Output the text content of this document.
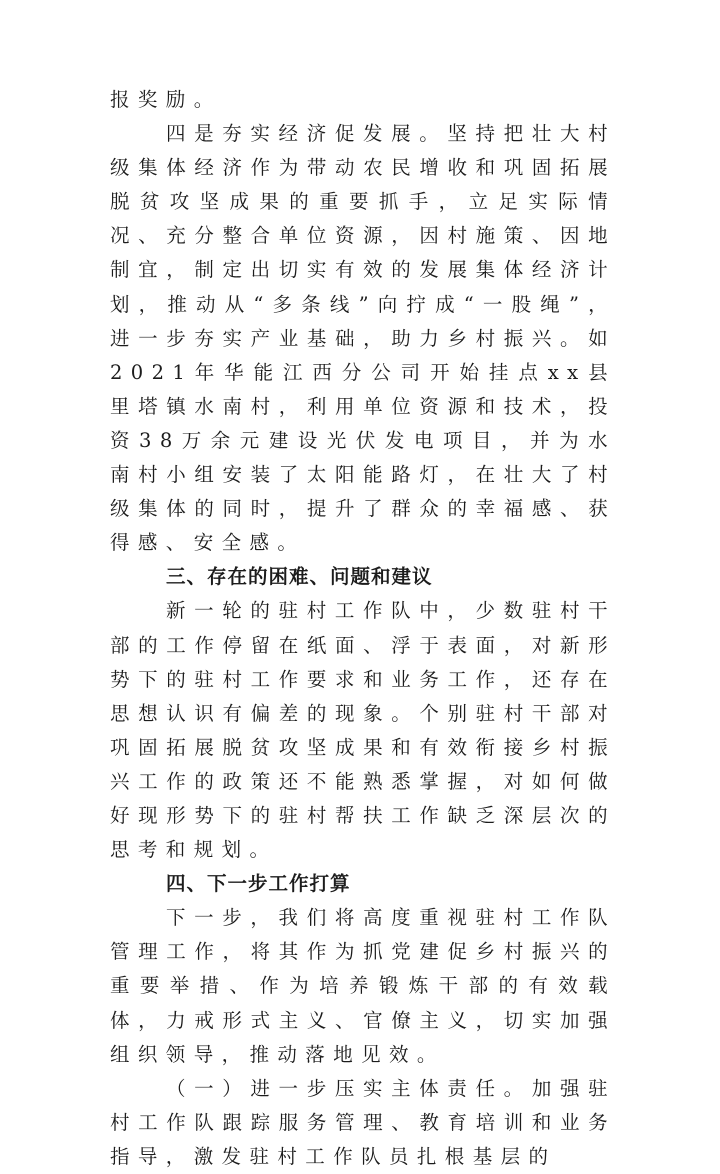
报奖励。

四是夯实经济促发展。坚持把壮大村级集体经济作为带动农民增收和巩固拓展脱贫攻坚成果的重要抓手，立足实际情况、充分整合单位资源，因村施策、因地制宜，制定出切实有效的发展集体经济计划，推动从“多条线”向拧成“一股绳”，进一步夯实产业基础，助力乡村振兴。如2021年华能江西分公司开始挂点xx县里塔镇水南村，利用单位资源和技术，投资38万余元建设光伏发电项目，并为水南村小组安装了太阳能路灯，在壮大了村级集体的同时，提升了群众的幸福感、获得感、安全感。

三、存在的困难、问题和建议

新一轮的驻村工作队中，少数驻村干部的工作停留在纸面、浮于表面，对新形势下的驻村工作要求和业务工作，还存在思想认识有偏差的现象。个别驻村干部对巩固拓展脱贫攻坚成果和有效衔接乡村振兴工作的政策还不能熟悉掌握，对如何做好现形势下的驻村帮扶工作缺乏深层次的思考和规划。

四、下一步工作打算

下一步，我们将高度重视驻村工作队管理工作，将其作为抓党建促乡村振兴的重要举措、作为培养锻炼干部的有效载体，力戒形式主义、官僚主义，切实加强组织领导，推动落地见效。

（一）进一步压实主体责任。加强驻村工作队跟踪服务管理、教育培训和业务指导，激发驻村工作队员扎根基层的
